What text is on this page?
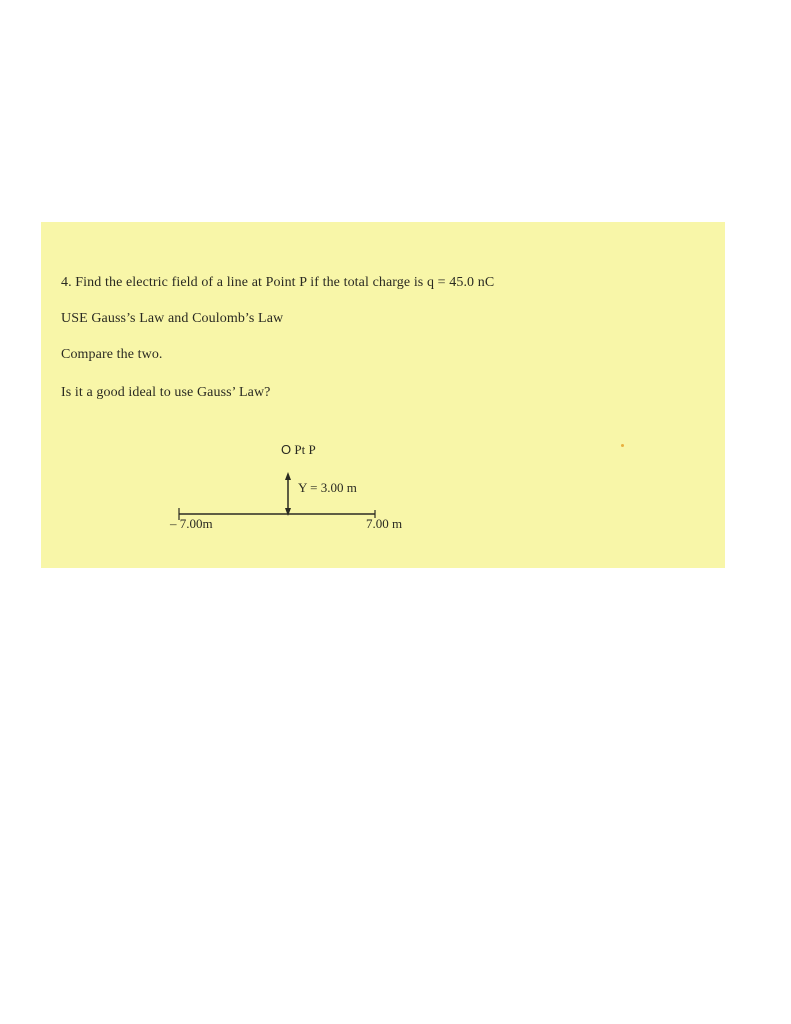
4. Find the electric field of a line at Point P if the total charge is q = 45.0 nC
USE Gauss’s Law and Coulomb’s Law
Compare the two.
Is it a good ideal to use Gauss’ Law?
O Pt P
Y = 3.00 m
– 7.00m	7.00 m
